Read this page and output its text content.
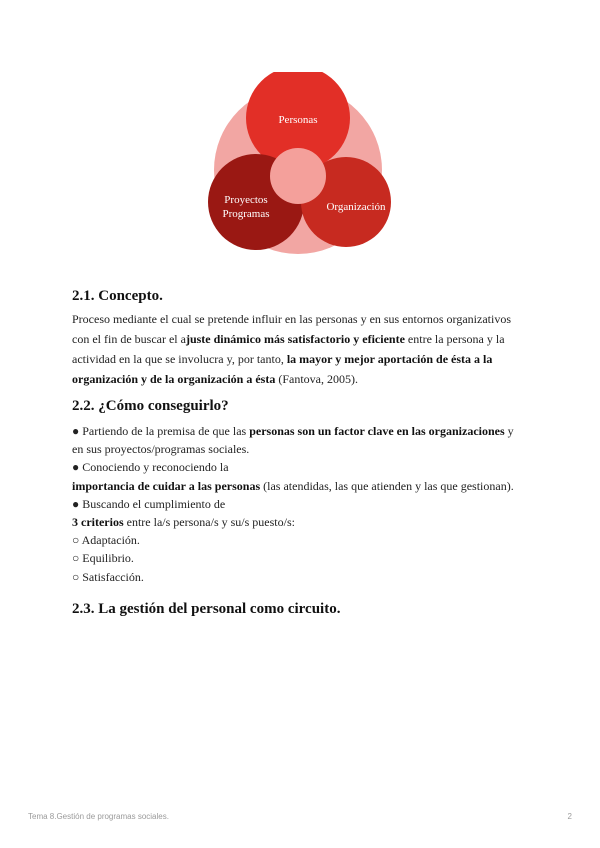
Personas
Proyectos
Programas
Organización
2.1. Concepto.

Proceso mediante el cual se pretende influir en las personas y en sus entornos organizativos
con el fin de buscar el ajuste dinámico más satisfactorio y eficiente entre la persona y la
actividad en la que se involucra y, por tanto, la mayor y mejor aportación de ésta a la
organización y de la organización a ésta (Fantova, 2005).

2.2. ¿Cómo conseguirlo?
● Partiendo de la premisa de que las personas son un factor clave en las organizaciones y
en sus proyectos/programas sociales.
● Conociendo y reconociendo la
importancia de cuidar a las personas (las atendidas, las que atienden y las que gestionan).
● Buscando el cumplimiento de
3 criterios entre la/s persona/s y su/s puesto/s:
○ Adaptación.
○ Equilibrio.
○ Satisfacción.
2.3. La gestión del personal como circuito.
Tema 8.Gestión de programas sociales.	2
